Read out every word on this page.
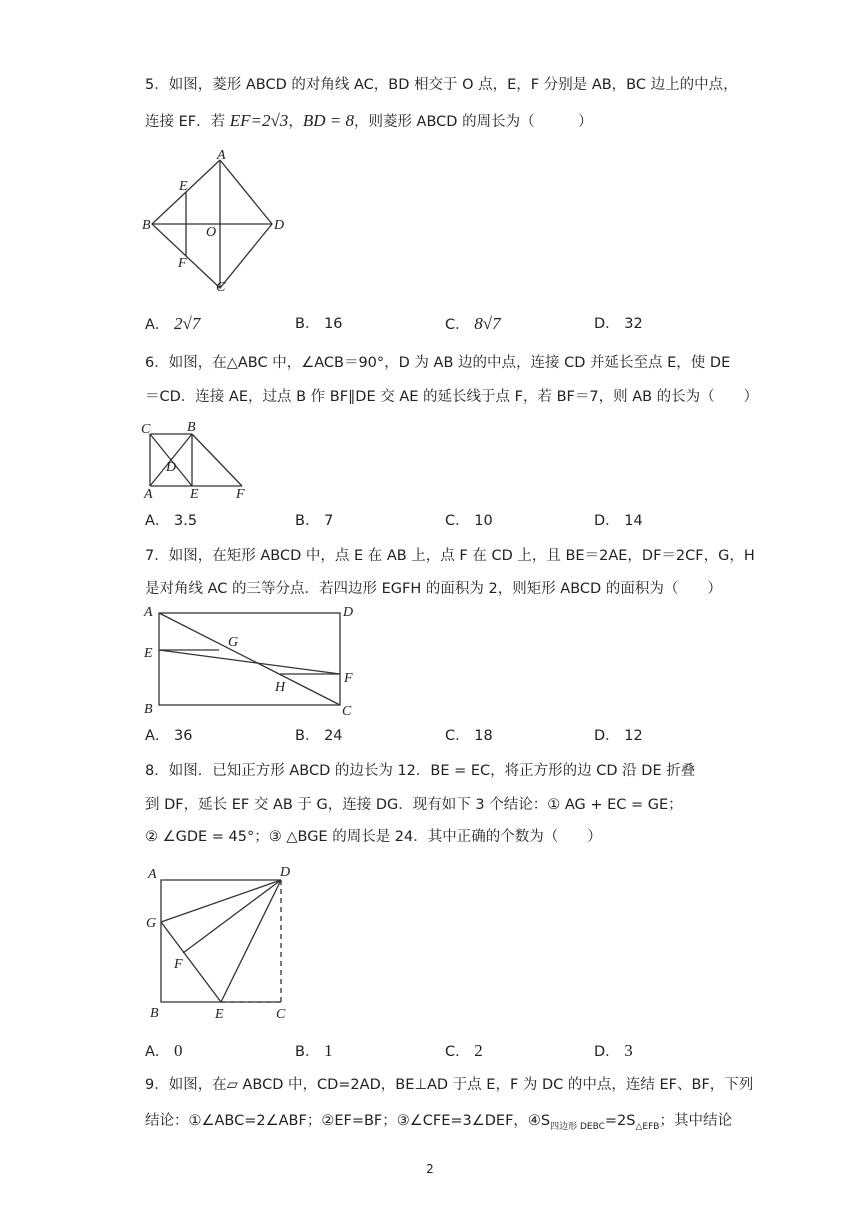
5．如图，菱形 ABCD 的对角线 AC，BD 相交于 O 点，E，F 分别是 AB，BC 边上的中点，
连接 EF．若 EF=2√3，BD = 8，则菱形 ABCD 的周长为（　　　）
A
B
C
D
E
F
O
A． 2√7	B． 16	C． 8√7	D． 32
6．如图，在△ABC 中，∠ACB＝90°，D 为 AB 边的中点，连接 CD 并延长至点 E，使 DE
＝CD．连接 AE，过点 B 作 BF∥DE 交 AE 的延长线于点 F，若 BF＝7，则 AB 的长为（　　）
C	B
D
A	E	F
A． 3.5	B． 7	C． 10	D． 14
7．如图，在矩形 ABCD 中，点 E 在 AB 上，点 F 在 CD 上，且 BE＝2AE，DF＝2CF，G，H
是对角线 AC 的三等分点．若四边形 EGFH 的面积为 2，则矩形 ABCD 的面积为（　　）
A	D
E
G
H
F
B	C
A． 36	B． 24	C． 18	D． 12
8．如图．已知正方形 ABCD 的边长为 12．BE = EC，将正方形的边 CD 沿 DE 折叠
到 DF，延长 EF 交 AB 于 G，连接 DG．现有如下 3 个结论：① AG + EC = GE；
② ∠GDE = 45°；③ △BGE 的周长是 24．其中正确的个数为（　　）
A	D
G
F
B	E	C
A． 0	B． 1	C． 2	D． 3
9．如图，在▱ ABCD 中，CD=2AD，BE⊥AD 于点 E，F 为 DC 的中点，连结 EF、BF，下列
结论：①∠ABC=2∠ABF；②EF=BF；③∠CFE=3∠DEF，$④S_{四边形 DEBC}=2S_{\triangle EFB}$；其中结论
2
